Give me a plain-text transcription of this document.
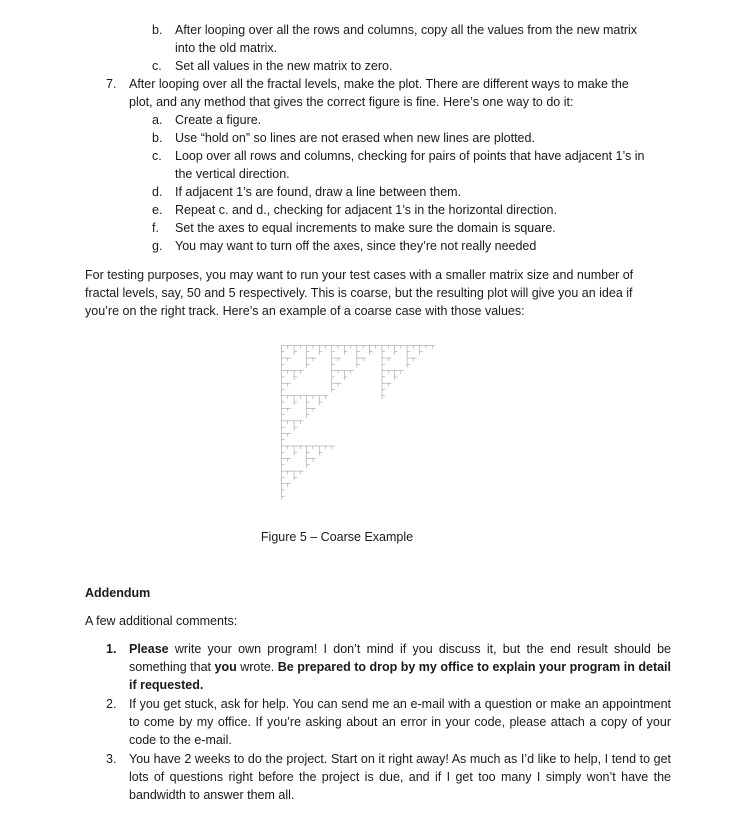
b. After looping over all the rows and columns, copy all the values from the new matrix
into the old matrix.
c. Set all values in the new matrix to zero.
7. After looping over all the fractal levels, make the plot. There are different ways to make the
plot, and any method that gives the correct figure is fine. Here’s one way to do it:
a. Create a figure.
b. Use “hold on” so lines are not erased when new lines are plotted.
c. Loop over all rows and columns, checking for pairs of points that have adjacent 1’s in
the vertical direction.
d. If adjacent 1’s are found, draw a line between them.
e. Repeat c. and d., checking for adjacent 1’s in the horizontal direction.
f. Set the axes to equal increments to make sure the domain is square.
g. You may want to turn off the axes, since they’re not really needed
For testing purposes, you may want to run your test cases with a smaller matrix size and number of
fractal levels, say, 50 and 5 respectively. This is coarse, but the resulting plot will give you an idea if
you’re on the right track. Here’s an example of a coarse case with those values:
Figure 5 – Coarse Example
Addendum
A few additional comments:
1. Please write your own program! I don’t mind if you discuss it, but the end result should be something that you wrote. Be prepared to drop by my office to explain your program in detail if requested.
2. If you get stuck, ask for help. You can send me an e-mail with a question or make an appointment to come by my office. If you’re asking about an error in your code, please attach a copy of your code to the e-mail.
3. You have 2 weeks to do the project. Start on it right away! As much as I’d like to help, I tend to get lots of questions right before the project is due, and if I get too many I simply won’t have the bandwidth to answer them all.
